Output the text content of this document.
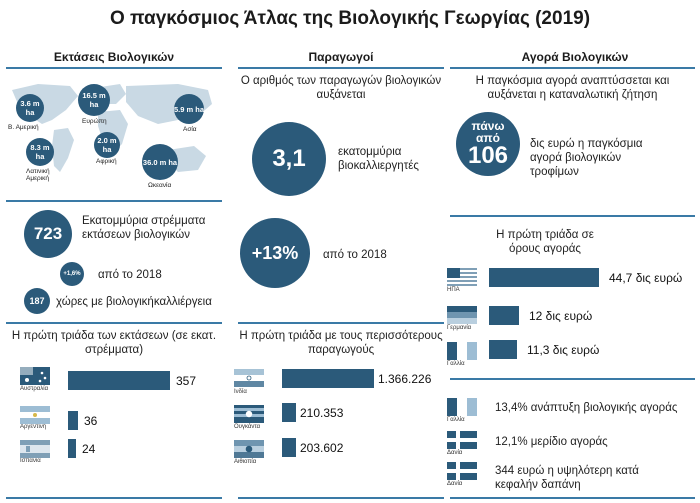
Ο παγκόσμιος Άτλας της Βιολογικής Γεωργίας (2019)
Εκτάσεις Βιολογικών	Παραγωγοί	Αγορά Βιολογικών
3.6 m ha
Β. Αμερική
16.5 m ha
Ευρώπη
5.9 m ha
Ασία
8.3 m ha
Λατινική Αμερική
2.0 m ha
Αφρική	36.0 m ha
Ωκεανία
723
Εκατομμύρια στρέμματα εκτάσεων βιολογικών
+1,6% από το 2018
187 χώρες με βιολογικήκαλλιέργεια
Η πρώτη τριάδα των εκτάσεων (σε εκατ. στρέμματα)
Αυστραλία
Αργεντινή
Ισπανία
357
36
24
Ο αριθμός των παραγωγών βιολογικών αυξάνεται
3,1	εκατομμύρια βιοκαλλιεργητές
+13%	από το 2018
Η πρώτη τριάδα με τους περισσότερους παραγωγούς
Ινδία
Ουγκάντα
Αιθιοπία
1.366.226
210.353
203.602
Η παγκόσμια αγορά αναπτύσσεται και αυξάνεται η καταναλωτική ζήτηση
πάνω από
106 δις ευρώ η παγκόσμια αγορά βιολογικών τροφίμων
Η πρώτη τριάδα σε όρους αγοράς
ΗΠΑ
Γερμανία
Γαλλία
44,7 δις ευρώ
12 δις ευρώ
11,3 δις ευρώ
Γαλλία
13,4% ανάπτυξη βιολογικής αγοράς
Δανία
12,1% μερίδιο αγοράς
Δανία
344 ευρώ η υψηλότερη κατά κεφαλήν δαπάνη
